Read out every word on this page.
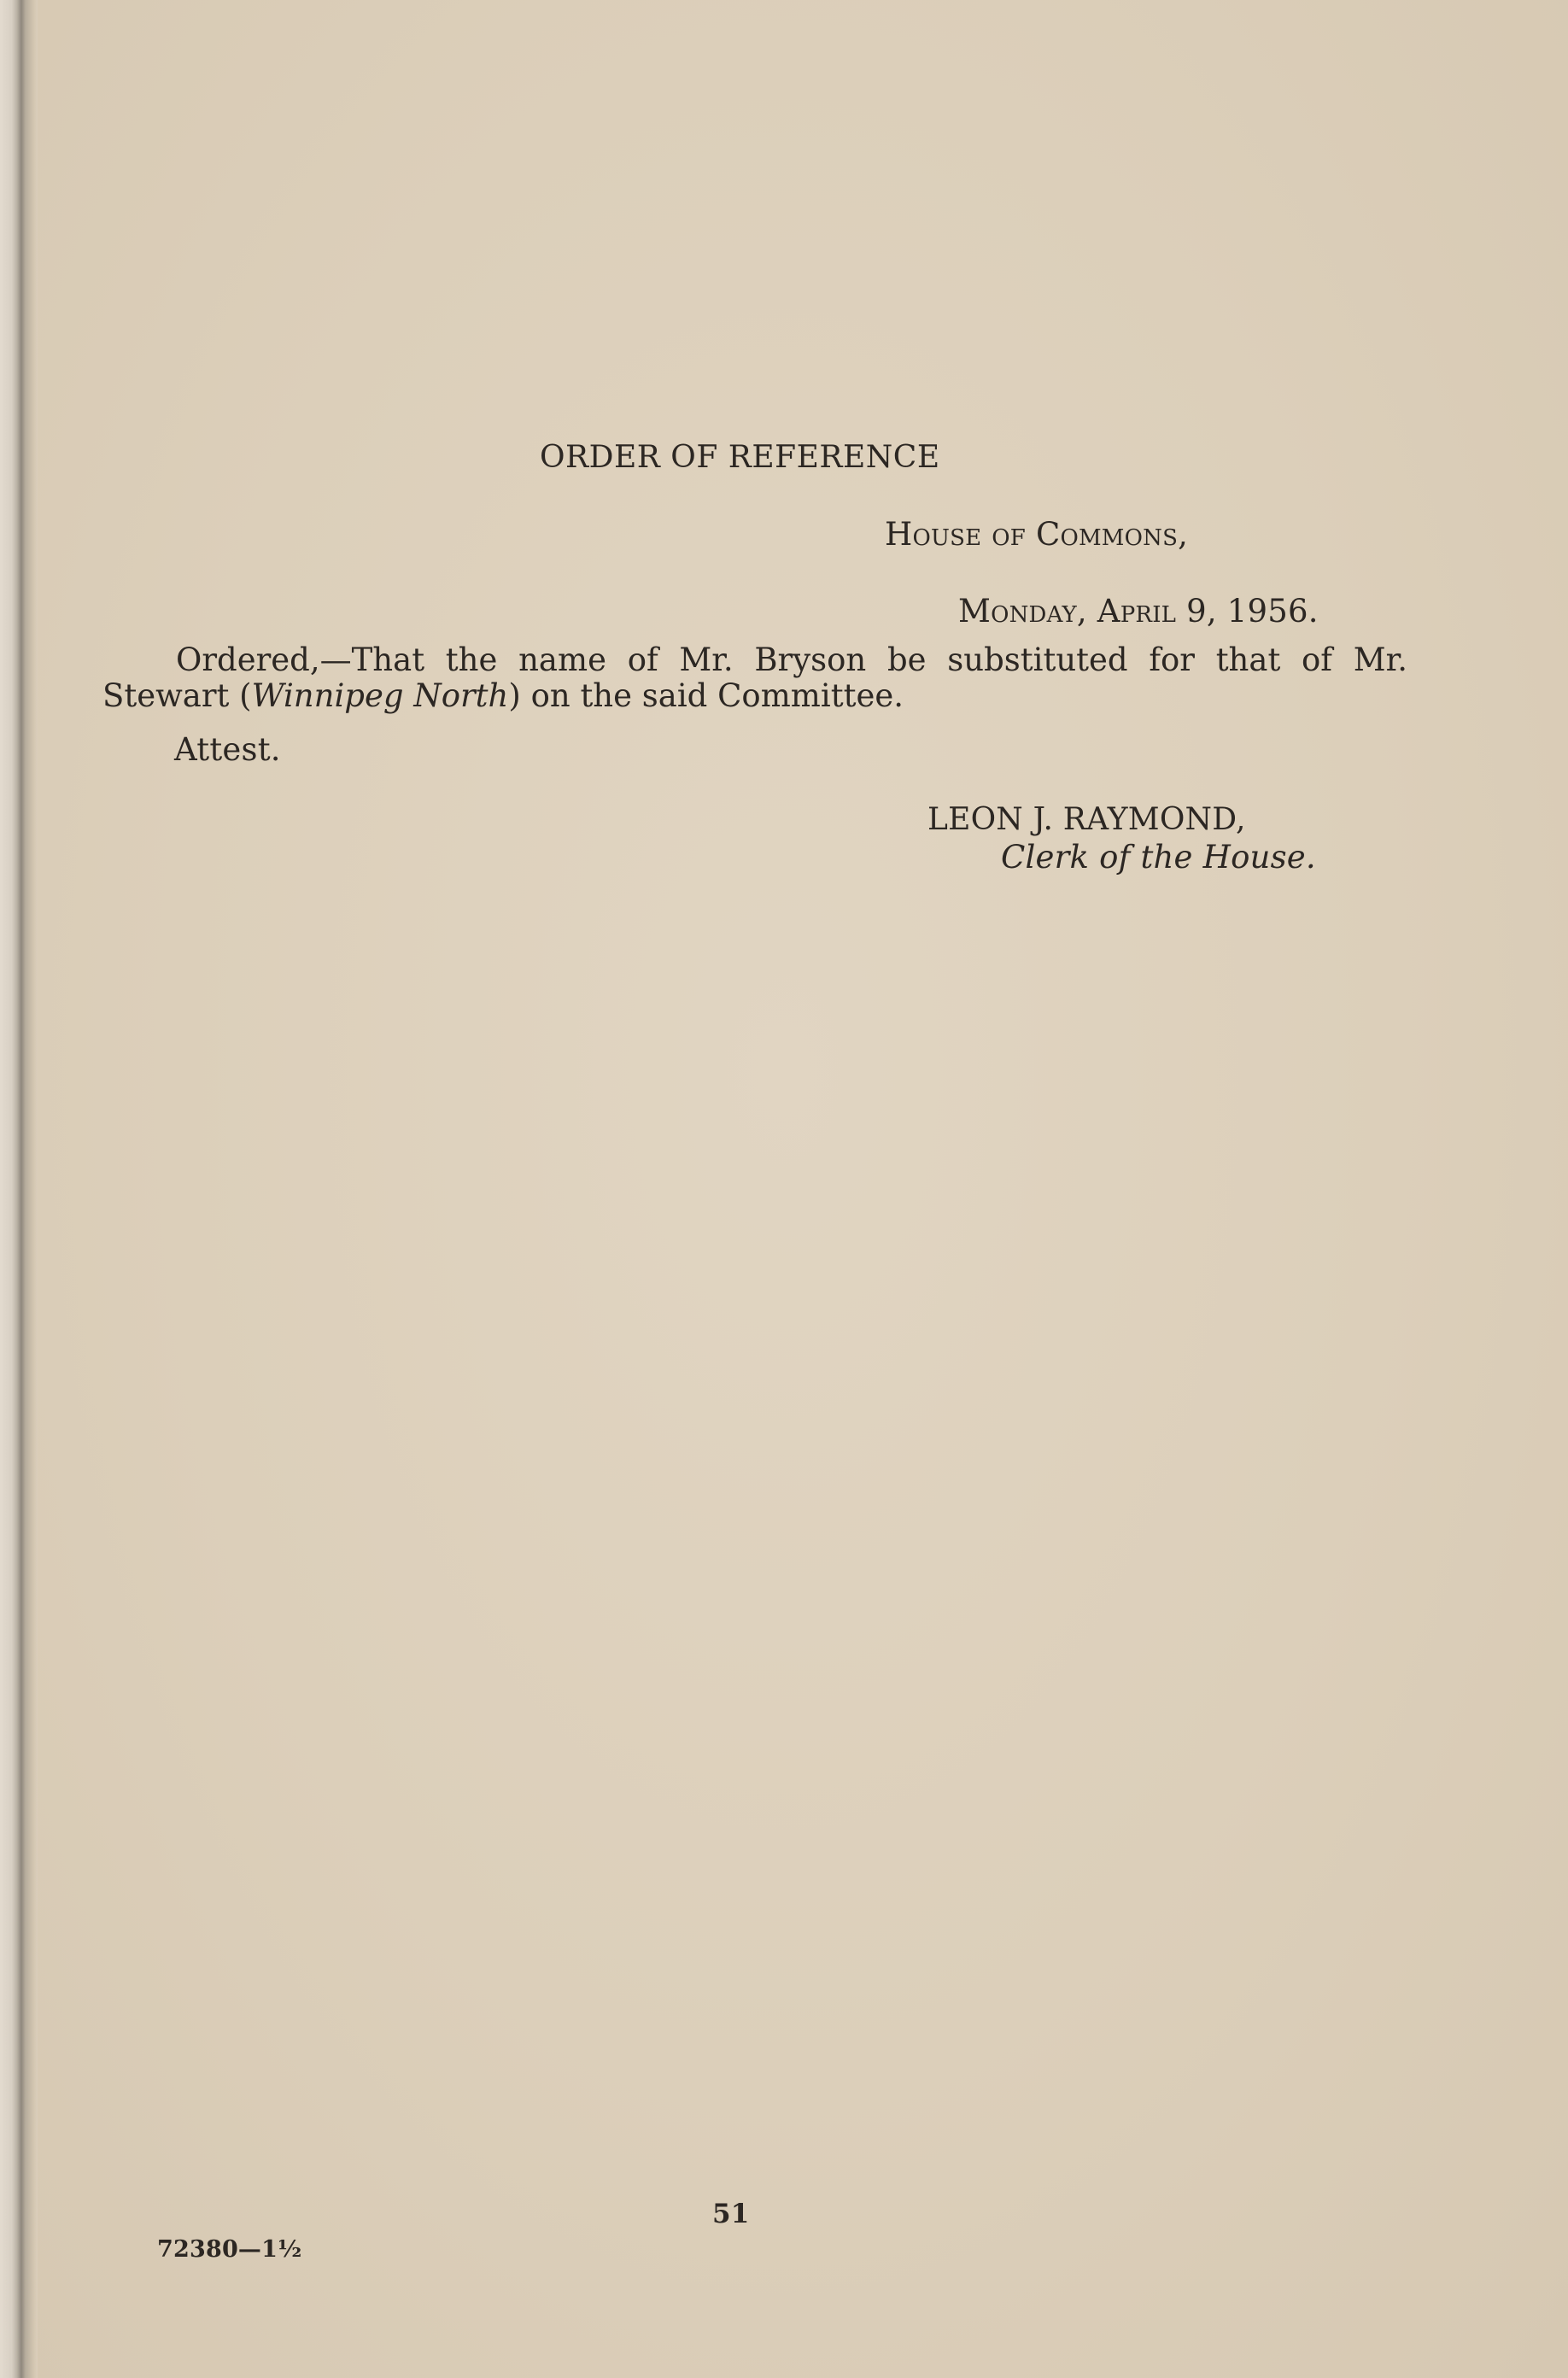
ORDER OF REFERENCE

House of Commons,

Monday, April 9, 1956.

Ordered,—That the name of Mr. Bryson be substituted for that of Mr. Stewart (Winnipeg North) on the said Committee.

Attest.

LEON J. RAYMOND,

Clerk of the House.

51

72380—1½
